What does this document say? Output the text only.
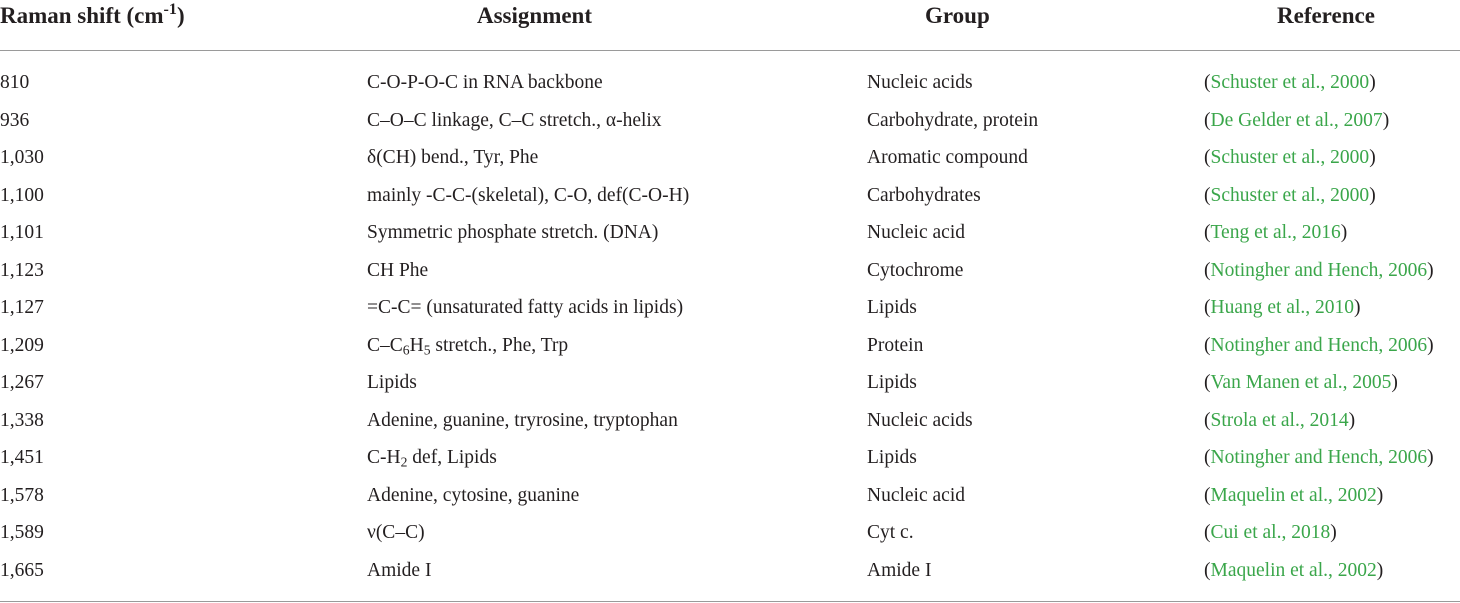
Raman shift $(cm^{-1})$	Assignment	Group	Reference
810	C-O-P-O-C in RNA backbone	Nucleic acids	(Schuster et al., 2000)
936	C–O–C linkage, C–C stretch., α-helix	Carbohydrate, protein	(De Gelder et al., 2007)
1,030	δ(CH) bend., Tyr, Phe	Aromatic compound	(Schuster et al., 2000)
1,100	mainly -C-C-(skeletal), C-O, def(C-O-H)	Carbohydrates	(Schuster et al., 2000)
1,101	Symmetric phosphate stretch. (DNA)	Nucleic acid	(Teng et al., 2016)
1,123	CH Phe	Cytochrome	(Notingher and Hench, 2006)
1,127	=C-C= (unsaturated fatty acids in lipids)	Lipids	(Huang et al., 2010)
1,209	$C-C_6H_5$ stretch., Phe, Trp	Protein	(Notingher and Hench, 2006)
1,267	Lipids	Lipids	(Van Manen et al., 2005)
1,338	Adenine, guanine, tryrosine, tryptophan	Nucleic acids	(Strola et al., 2014)
1,451	$C-H_2$ def, Lipids	Lipids	(Notingher and Hench, 2006)
1,578	Adenine, cytosine, guanine	Nucleic acid	(Maquelin et al., 2002)
1,589	ν(C–C)	Cyt c.	(Cui et al., 2018)
1,665	Amide I	Amide I	(Maquelin et al., 2002)
